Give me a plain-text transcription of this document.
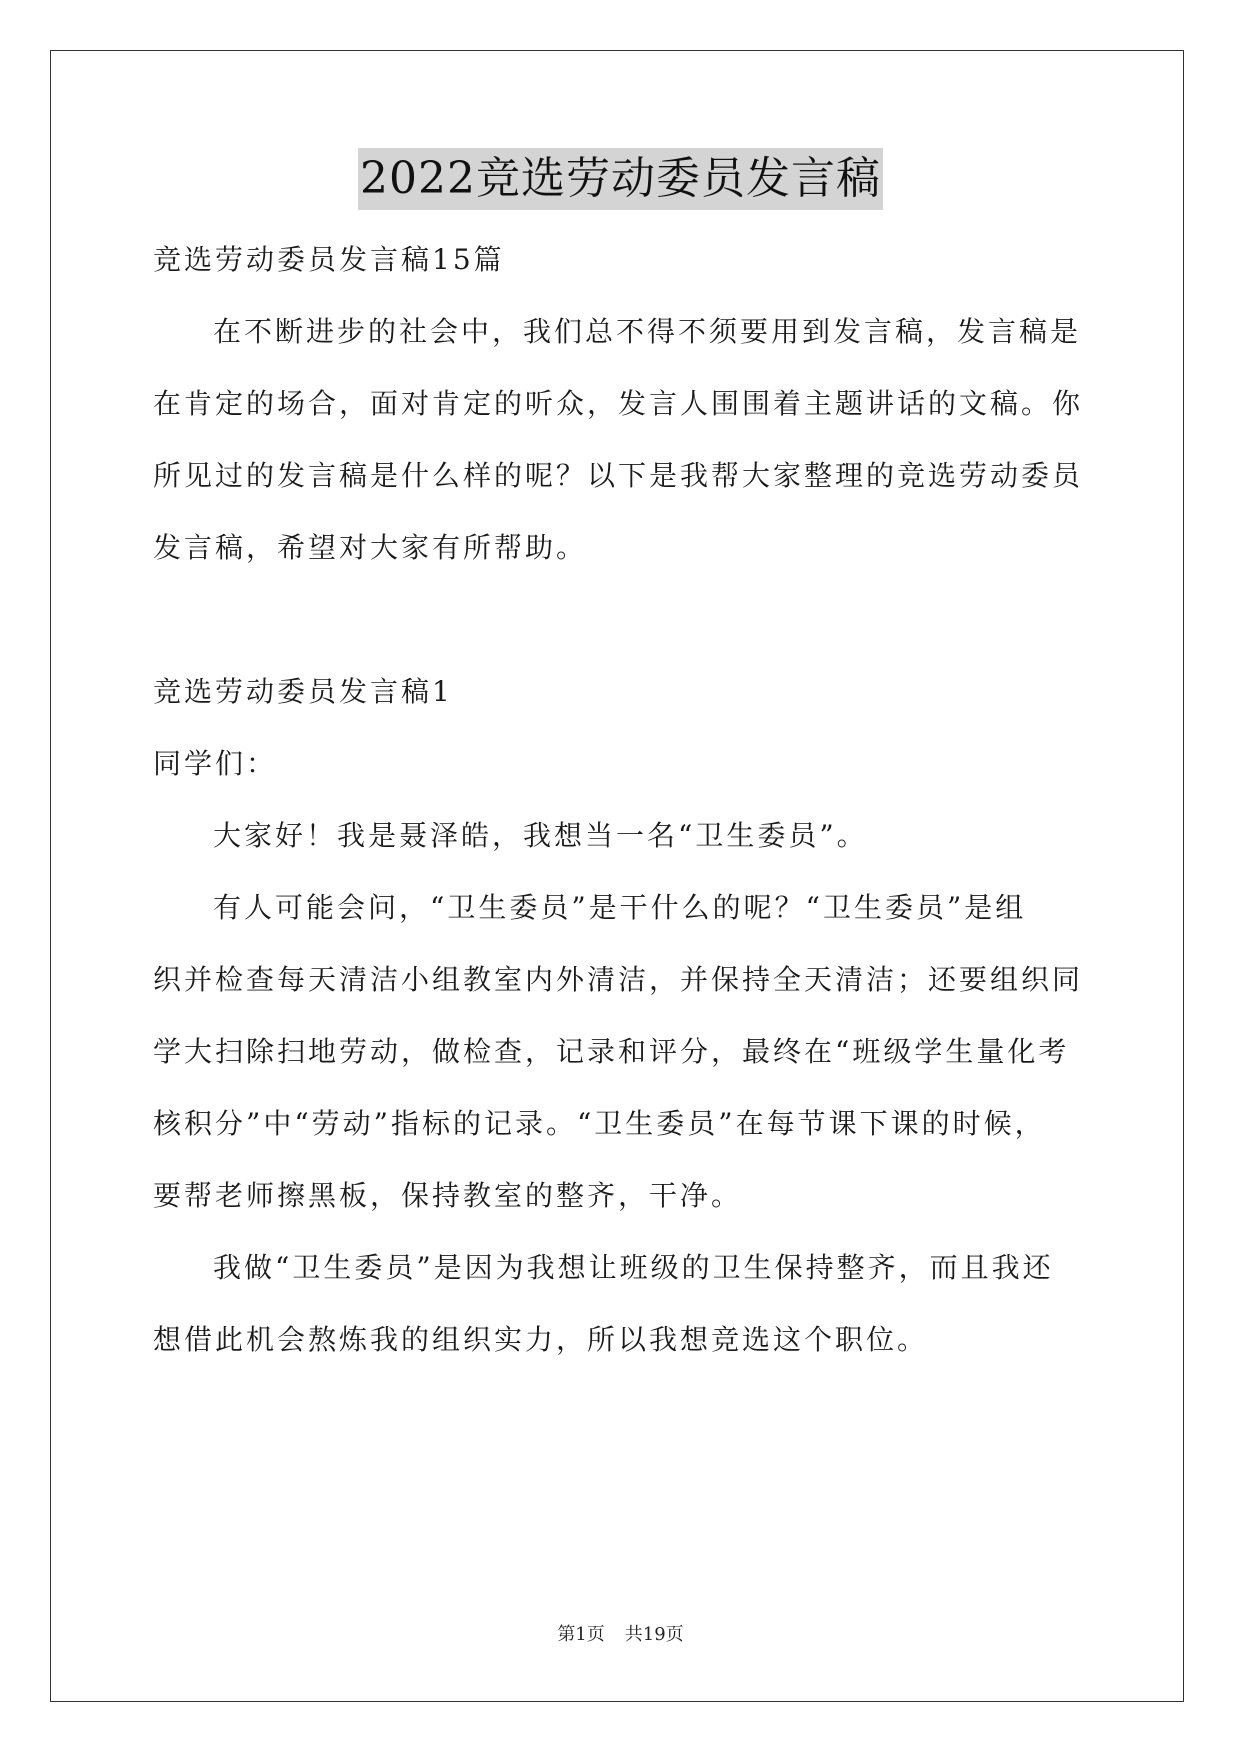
2022竞选劳动委员发言稿
竞选劳动委员发言稿15篇
在不断进步的社会中，我们总不得不须要用到发言稿，发言稿是
在肯定的场合，面对肯定的听众，发言人围围着主题讲话的文稿。你
所见过的发言稿是什么样的呢？以下是我帮大家整理的竞选劳动委员
发言稿，希望对大家有所帮助。
竞选劳动委员发言稿1
同学们：
大家好！我是聂泽皓，我想当一名“卫生委员”。
有人可能会问，“卫生委员”是干什么的呢？“卫生委员”是组
织并检查每天清洁小组教室内外清洁，并保持全天清洁；还要组织同
学大扫除扫地劳动，做检查，记录和评分，最终在“班级学生量化考
核积分”中“劳动”指标的记录。“卫生委员”在每节课下课的时候，
要帮老师擦黑板，保持教室的整齐，干净。
我做“卫生委员”是因为我想让班级的卫生保持整齐，而且我还
想借此机会熬炼我的组织实力，所以我想竞选这个职位。
第1页 共19页
